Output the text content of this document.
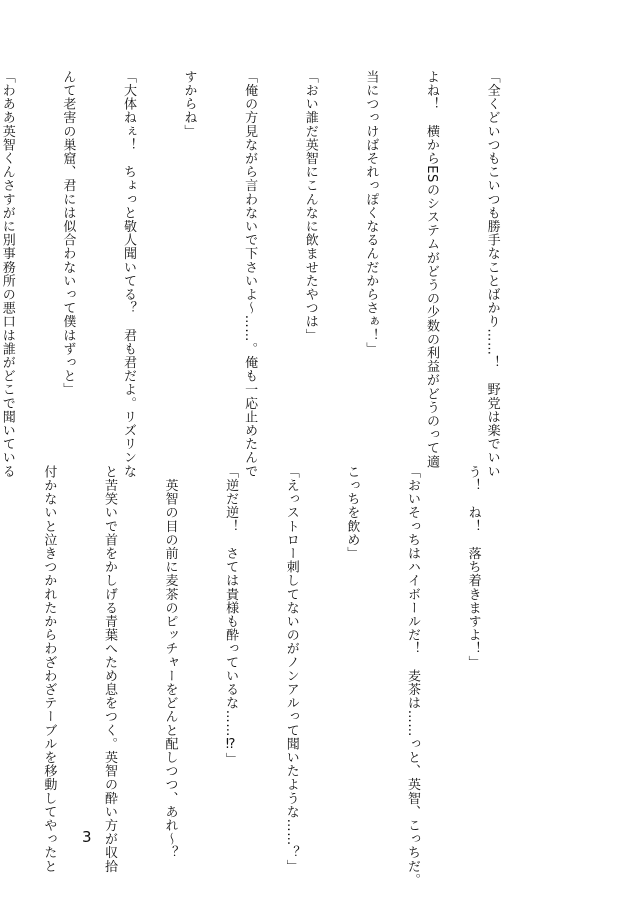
「全くどいつもこいつも勝手なことばかり……！　野党は楽でいい

よね！　横からESのシステムがどうの少数の利益がどうのって適

当につっけばそれっぽくなるんだからさぁ！」

「おい誰だ英智にこんなに飲ませたやつは」

「俺の方見ながら言わないで下さいよ〜……。俺も一応止めたんで

すからね」

「大体ねぇ！　ちょっと敬人聞いてる？　君も君だよ。リズリンな

んて老害の巣窟、君には似合わないって僕はずっと」

「わああ英智くんさすがに別事務所の悪口は誰がどこで聞いている

う！　ね！　落ち着きますよ！」

「おいそっちはハイボールだ！　麦茶は……っと、英智、こっちだ。

こっちを飲め」

「えっストロー刺してないのがノンアルって聞いたような……？」

「逆だ逆！　さては貴様も酔っているな……⁉」

　英智の目の前に麦茶のピッチャーをどんと配しつつ、あれ〜？

と苦笑いで首をかしげる青葉へため息をつく。英智の酔い方が収拾

付かないと泣きつかれたからわざわざテーブルを移動してやったと

3
